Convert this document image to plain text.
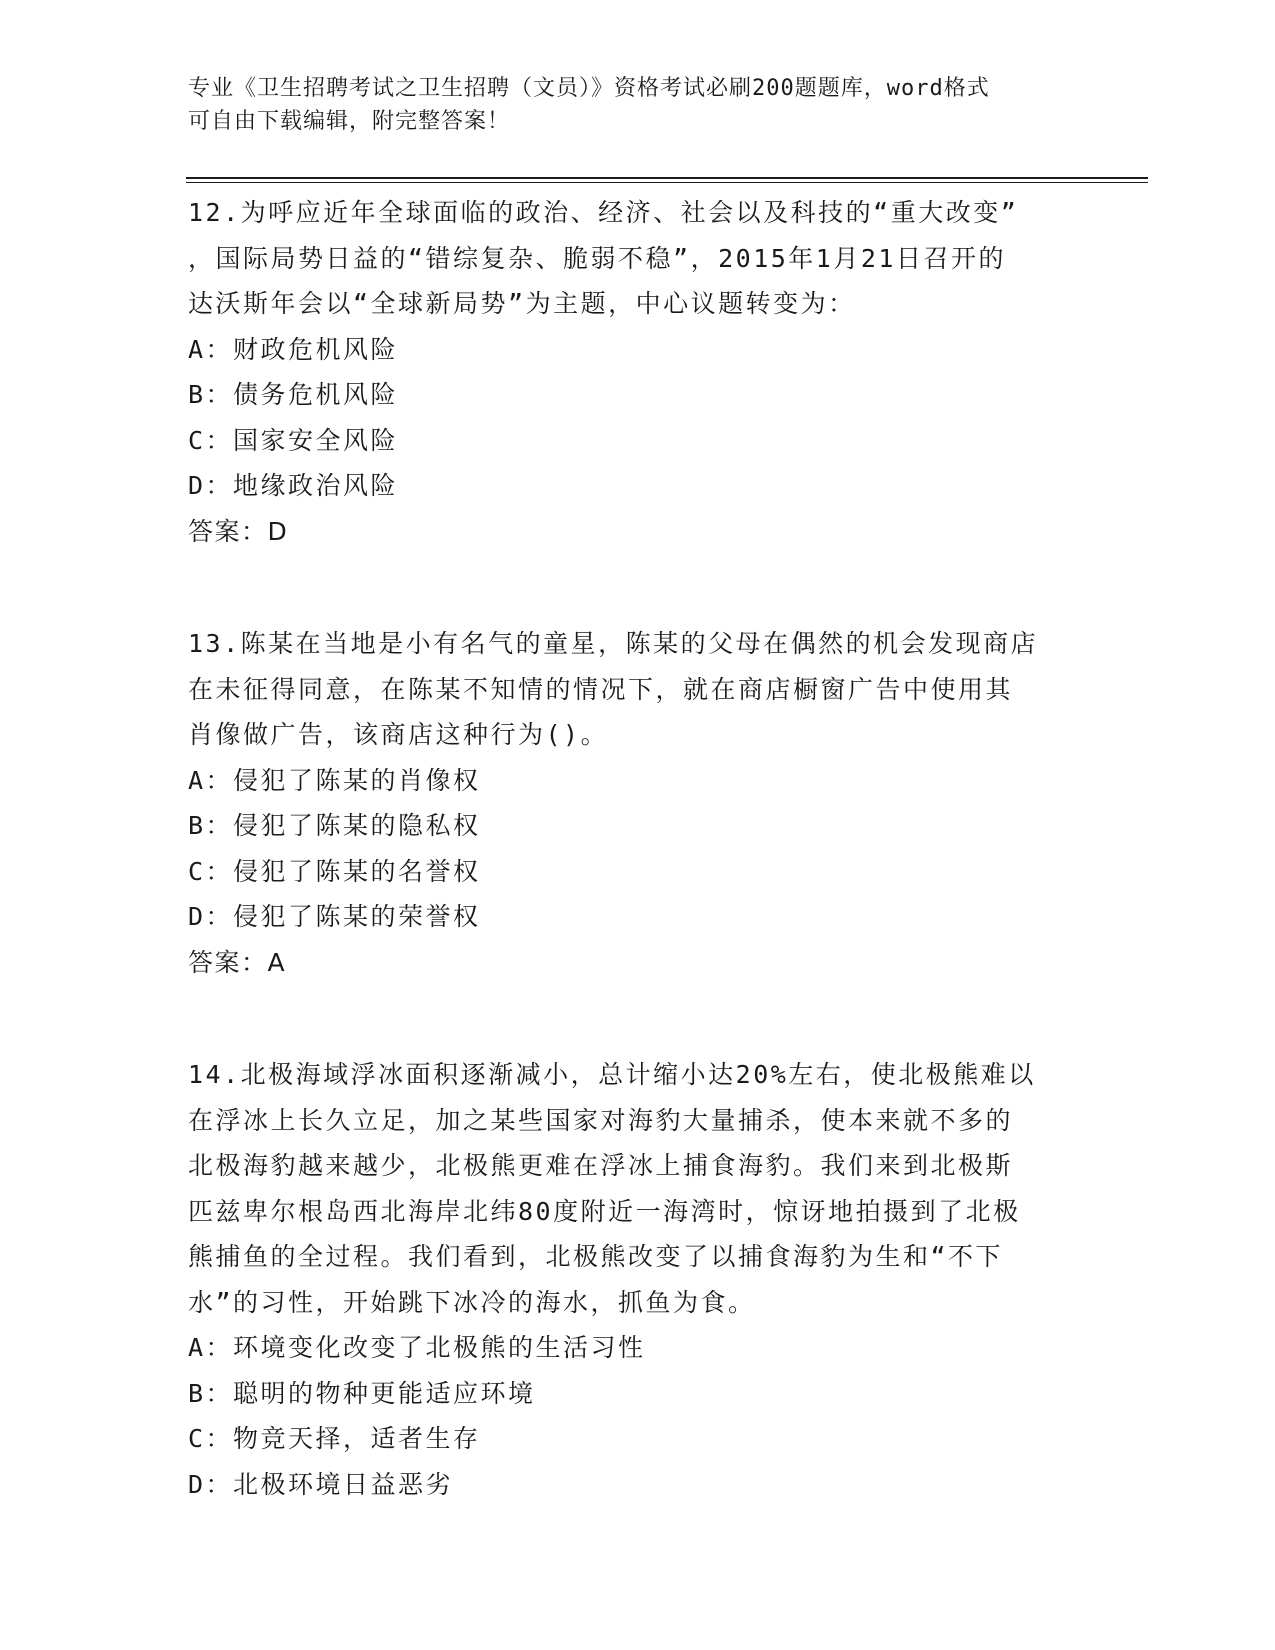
专业《卫生招聘考试之卫生招聘（文员）》资格考试必刷200题题库，word格式
可自由下载编辑，附完整答案！

12.为呼应近年全球面临的政治、经济、社会以及科技的“重大改变”

，国际局势日益的“错综复杂、脆弱不稳”，2015年1月21日召开的

达沃斯年会以“全球新局势”为主题，中心议题转变为：

A：财政危机风险

B：债务危机风险

C：国家安全风险

D：地缘政治风险

答案：D

13.陈某在当地是小有名气的童星，陈某的父母在偶然的机会发现商店

在未征得同意，在陈某不知情的情况下，就在商店橱窗广告中使用其

肖像做广告，该商店这种行为()。

A：侵犯了陈某的肖像权

B：侵犯了陈某的隐私权

C：侵犯了陈某的名誉权

D：侵犯了陈某的荣誉权

答案：A

14.北极海域浮冰面积逐渐减小，总计缩小达20%左右，使北极熊难以

在浮冰上长久立足，加之某些国家对海豹大量捕杀，使本来就不多的

北极海豹越来越少，北极熊更难在浮冰上捕食海豹。我们来到北极斯

匹兹卑尔根岛西北海岸北纬80度附近一海湾时，惊讶地拍摄到了北极

熊捕鱼的全过程。我们看到，北极熊改变了以捕食海豹为生和“不下

水”的习性，开始跳下冰冷的海水，抓鱼为食。

A：环境变化改变了北极熊的生活习性

B：聪明的物种更能适应环境

C：物竞天择，适者生存

D：北极环境日益恶劣
